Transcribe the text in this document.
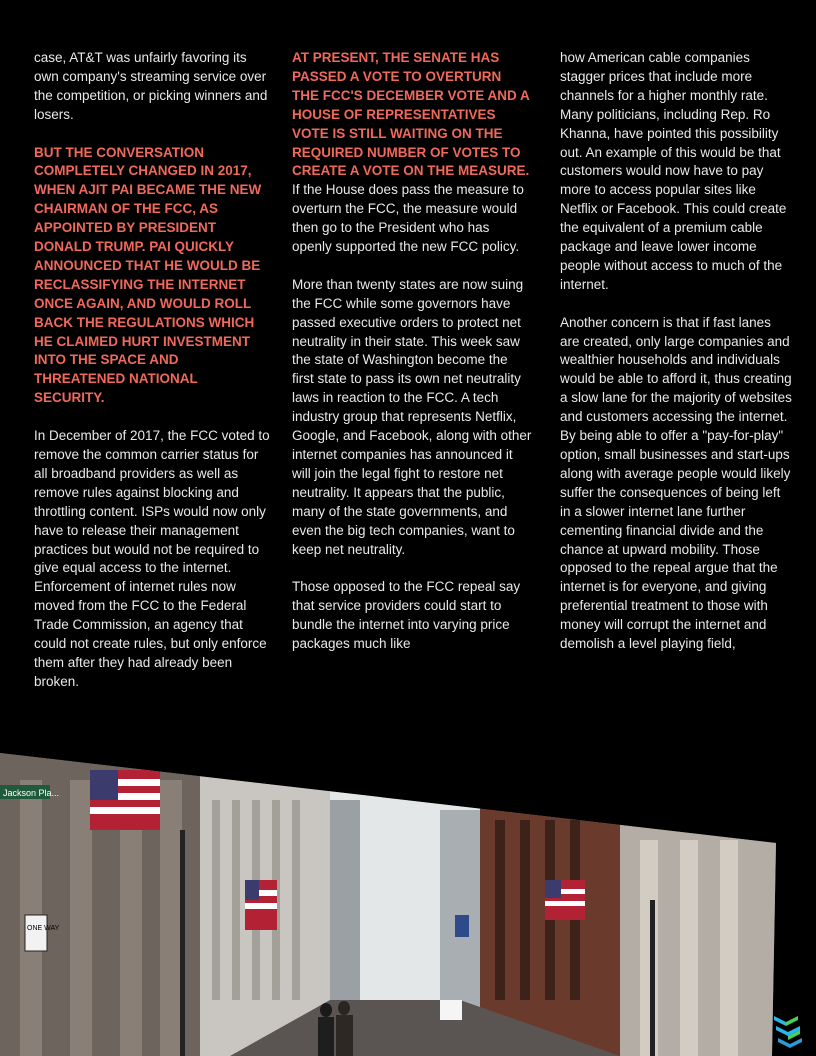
case, AT&T was unfairly favoring its own company's streaming service over the competition, or picking winners and losers.

BUT THE CONVERSATION COMPLETELY CHANGED IN 2017, WHEN AJIT PAI BECAME THE NEW CHAIRMAN OF THE FCC, AS APPOINTED BY PRESIDENT DONALD TRUMP. PAI QUICKLY ANNOUNCED THAT HE WOULD BE RECLASSIFYING THE INTERNET ONCE AGAIN, AND WOULD ROLL BACK THE REGULATIONS WHICH HE CLAIMED HURT INVESTMENT INTO THE SPACE AND THREATENED NATIONAL SECURITY.

In December of 2017, the FCC voted to remove the common carrier status for all broadband providers as well as remove rules against blocking and throttling content. ISPs would now only have to release their management practices but would not be required to give equal access to the internet. Enforcement of internet rules now moved from the FCC to the Federal Trade Commission, an agency that could not create rules, but only enforce them after they had already been broken.

AT PRESENT, THE SENATE HAS PASSED A VOTE TO OVERTURN THE FCC'S DECEMBER VOTE AND A HOUSE OF REPRESENTATIVES VOTE IS STILL WAITING ON THE REQUIRED NUMBER OF VOTES TO CREATE A VOTE ON THE MEASURE. If the House does pass the measure to overturn the FCC, the measure would then go to the President who has openly supported the new FCC policy.

More than twenty states are now suing the FCC while some governors have passed executive orders to protect net neutrality in their state. This week saw the state of Washington become the first state to pass its own net neutrality laws in reaction to the FCC. A tech industry group that represents Netflix, Google, and Facebook, along with other internet companies has announced it will join the legal fight to restore net neutrality. It appears that the public, many of the state governments, and even the big tech companies, want to keep net neutrality.

Those opposed to the FCC repeal say that service providers could start to bundle the internet into varying price packages much like

how American cable companies stagger prices that include more channels for a higher monthly rate. Many politicians, including Rep. Ro Khanna, have pointed this possibility out. An example of this would be that customers would now have to pay more to access popular sites like Netflix or Facebook. This could create the equivalent of a premium cable package and leave lower income people without access to much of the internet.

Another concern is that if fast lanes are created, only large companies and wealthier households and individuals would be able to afford it, thus creating a slow lane for the majority of websites and customers accessing the internet. By being able to offer a "pay-for-play" option, small businesses and start-ups along with average people would likely suffer the consequences of being left in a slower internet lane further cementing financial divide and the chance at upward mobility. Those opposed to the repeal argue that the internet is for everyone, and giving preferential treatment to those with money will corrupt the internet and demolish a level playing field,

Jackson Pla...
ONE WAY
